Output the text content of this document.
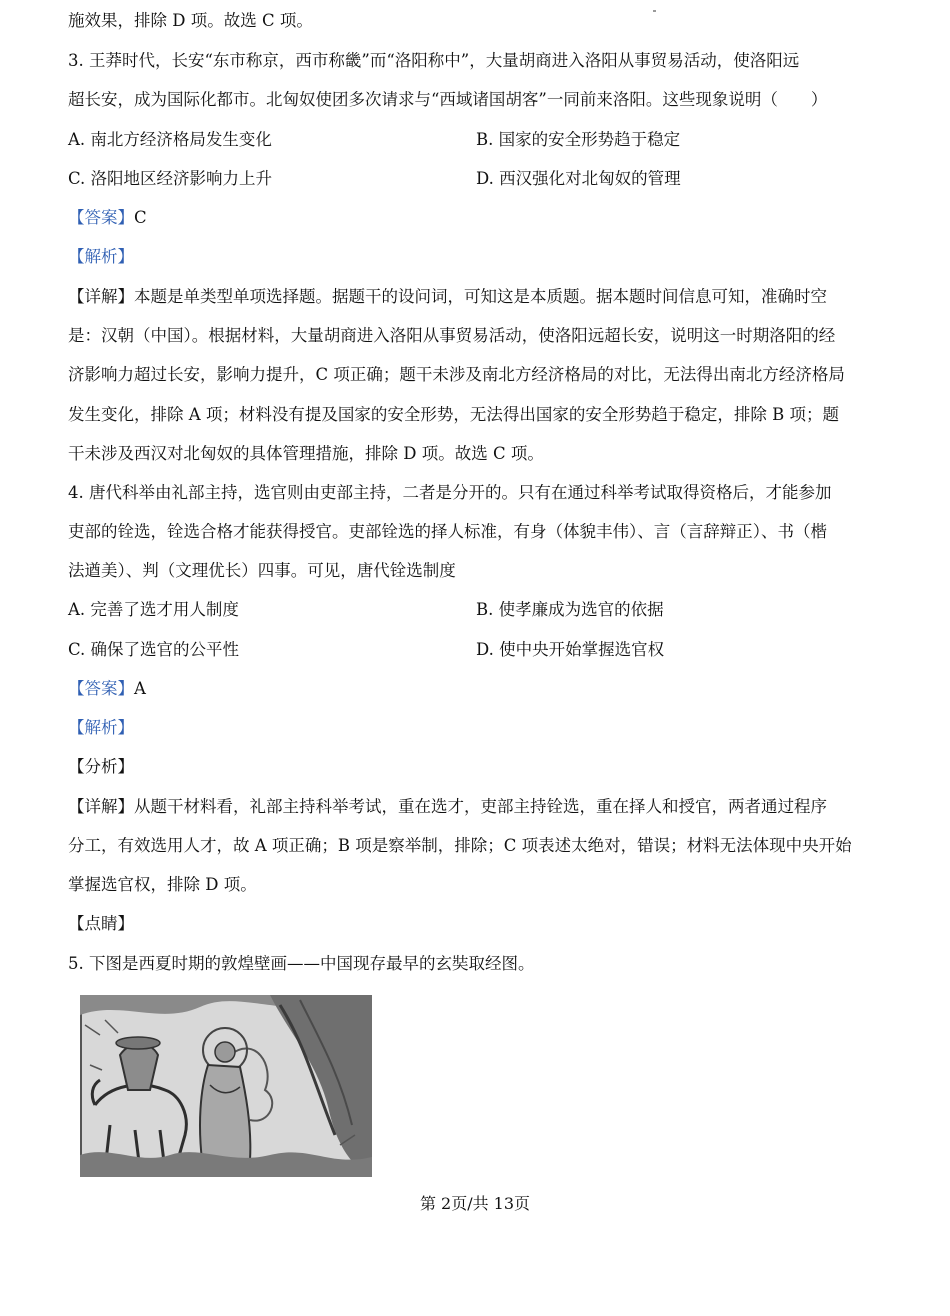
施效果，排除 D 项。故选 C 项。
3. 王莽时代，长安“东市称京，西市称畿”而“洛阳称中”，大量胡商进入洛阳从事贸易活动，使洛阳远
超长安，成为国际化都市。北匈奴使团多次请求与“西域诸国胡客”一同前来洛阳。这些现象说明（　　）
A. 南北方经济格局发生变化	B. 国家的安全形势趋于稳定
C. 洛阳地区经济影响力上升	D. 西汉强化对北匈奴的管理
【答案】C
【解析】
【详解】本题是单类型单项选择题。据题干的设问词，可知这是本质题。据本题时间信息可知，准确时空
是：汉朝（中国）。根据材料，大量胡商进入洛阳从事贸易活动，使洛阳远超长安，说明这一时期洛阳的经
济影响力超过长安，影响力提升，C 项正确；题干未涉及南北方经济格局的对比，无法得出南北方经济格局
发生变化，排除 A 项；材料没有提及国家的安全形势，无法得出国家的安全形势趋于稳定，排除 B 项；题
干未涉及西汉对北匈奴的具体管理措施，排除 D 项。故选 C 项。
4. 唐代科举由礼部主持，选官则由吏部主持，二者是分开的。只有在通过科举考试取得资格后，才能参加
吏部的铨选，铨选合格才能获得授官。吏部铨选的择人标准，有身（体貌丰伟）、言（言辞辩正）、书（楷
法遒美）、判（文理优长）四事。可见，唐代铨选制度
A. 完善了选才用人制度	B. 使孝廉成为选官的依据
C. 确保了选官的公平性	D. 使中央开始掌握选官权
【答案】A
【解析】
【分析】
【详解】从题干材料看，礼部主持科举考试，重在选才，吏部主持铨选，重在择人和授官，两者通过程序
分工，有效选用人才，故 A 项正确；B 项是察举制，排除；C 项表述太绝对，错误；材料无法体现中央开始
掌握选官权，排除 D 项。
【点睛】
5. 下图是西夏时期的敦煌壁画——中国现存最早的玄奘取经图。
第 2页/共 13页
